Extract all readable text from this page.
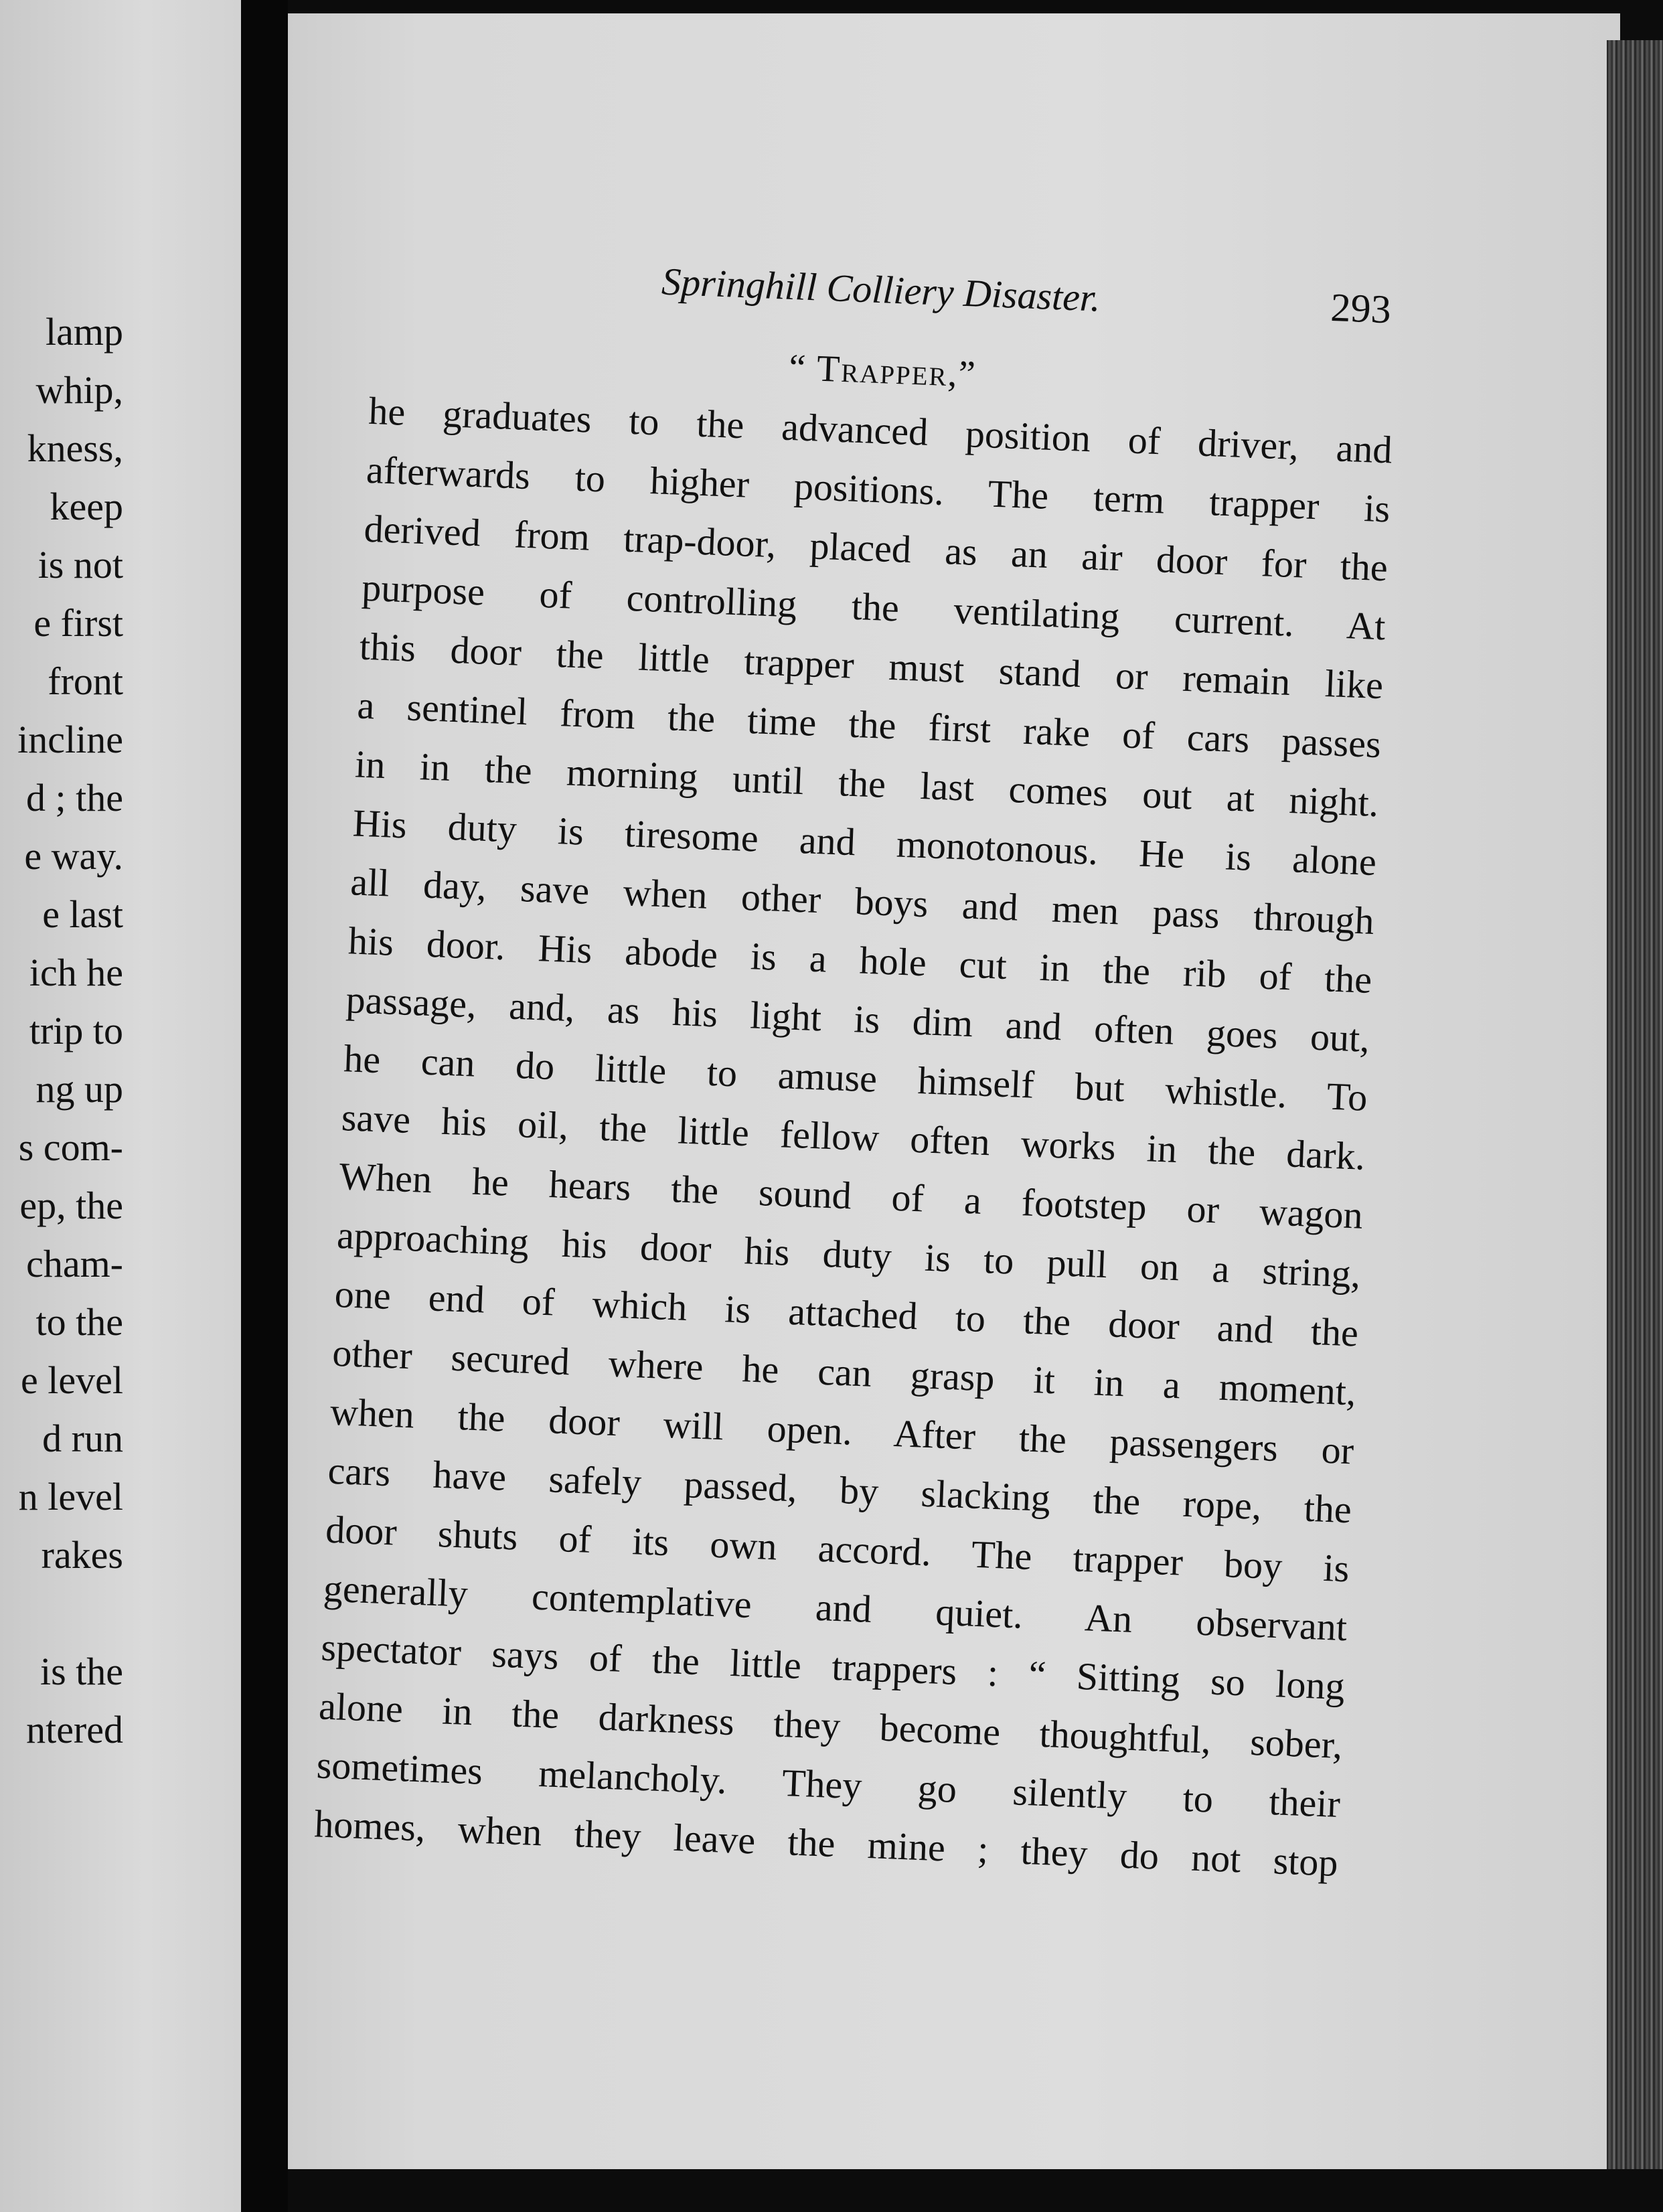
lamp
whip,
kness,
keep
is not
e first
front
incline
d ; the
e way.
e last
ich he
trip to
ng up
s com-
ep, the
cham-
to the
e level
d run
n level
rakes
is the
ntered
Springhill Colliery Disaster.	293
“ Trapper,”
he graduates to the advanced position of driver, and
afterwards to higher positions. The term trapper is
derived from trap-door, placed as an air door for the
purpose of controlling the ventilating current. At
this door the little trapper must stand or remain like
a sentinel from the time the first rake of cars passes
in in the morning until the last comes out at night.
His duty is tiresome and monotonous. He is alone
all day, save when other boys and men pass through
his door. His abode is a hole cut in the rib of the
passage, and, as his light is dim and often goes out,
he can do little to amuse himself but whistle. To
save his oil, the little fellow often works in the dark.
When he hears the sound of a footstep or wagon
approaching his door his duty is to pull on a string,
one end of which is attached to the door and the
other secured where he can grasp it in a moment,
when the door will open. After the passengers or
cars have safely passed, by slacking the rope, the
door shuts of its own accord. The trapper boy is
generally contemplative and quiet. An observant
spectator says of the little trappers : “ Sitting so long
alone in the darkness they become thoughtful, sober,
sometimes melancholy. They go silently to their
homes, when they leave the mine ; they do not stop
